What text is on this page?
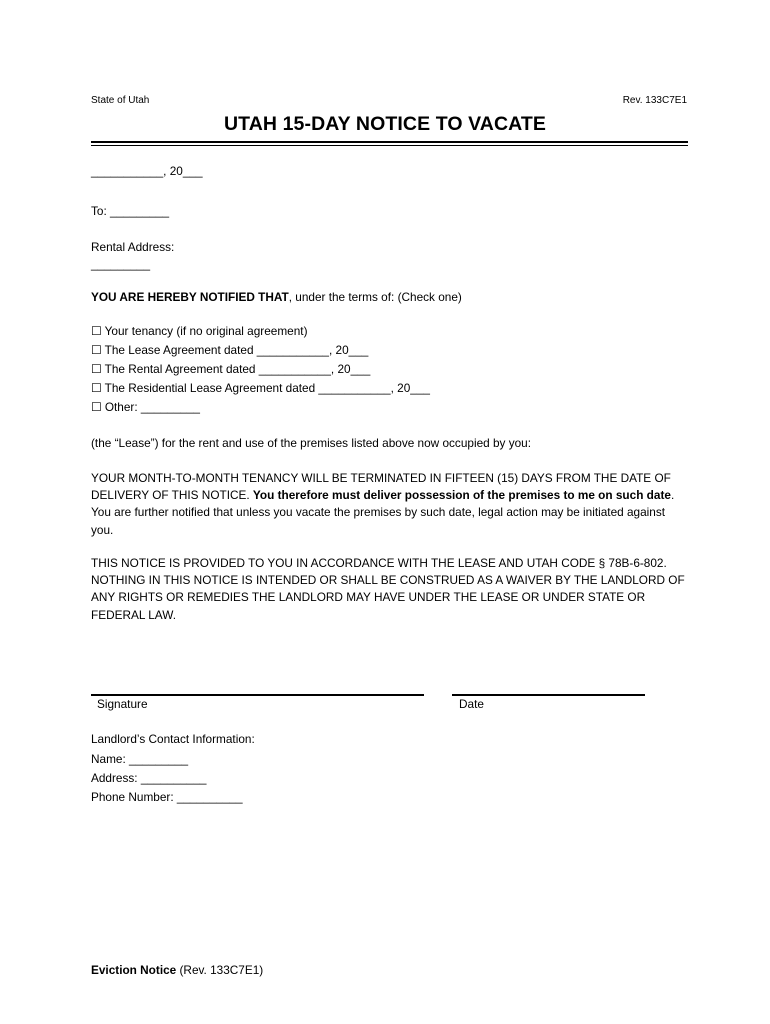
State of Utah	Rev. 133C7E1
UTAH 15-DAY NOTICE TO VACATE
___________, 20___
To: _________
Rental Address:
_________
YOU ARE HEREBY NOTIFIED THAT, under the terms of: (Check one)
☐ Your tenancy (if no original agreement)
☐ The Lease Agreement dated ___________, 20___
☐ The Rental Agreement dated ___________, 20___
☐ The Residential Lease Agreement dated ___________, 20___
☐ Other: _________
(the “Lease”) for the rent and use of the premises listed above now occupied by you:
YOUR MONTH-TO-MONTH TENANCY WILL BE TERMINATED IN FIFTEEN (15) DAYS FROM THE DATE OF DELIVERY OF THIS NOTICE. You therefore must deliver possession of the premises to me on such date. You are further notified that unless you vacate the premises by such date, legal action may be initiated against you.
THIS NOTICE IS PROVIDED TO YOU IN ACCORDANCE WITH THE LEASE AND UTAH CODE § 78B-6-802. NOTHING IN THIS NOTICE IS INTENDED OR SHALL BE CONSTRUED AS A WAIVER BY THE LANDLORD OF ANY RIGHTS OR REMEDIES THE LANDLORD MAY HAVE UNDER THE LEASE OR UNDER STATE OR FEDERAL LAW.
Signature	Date
Landlord’s Contact Information:
Name: _________
Address: __________
Phone Number: __________
Eviction Notice (Rev. 133C7E1)
